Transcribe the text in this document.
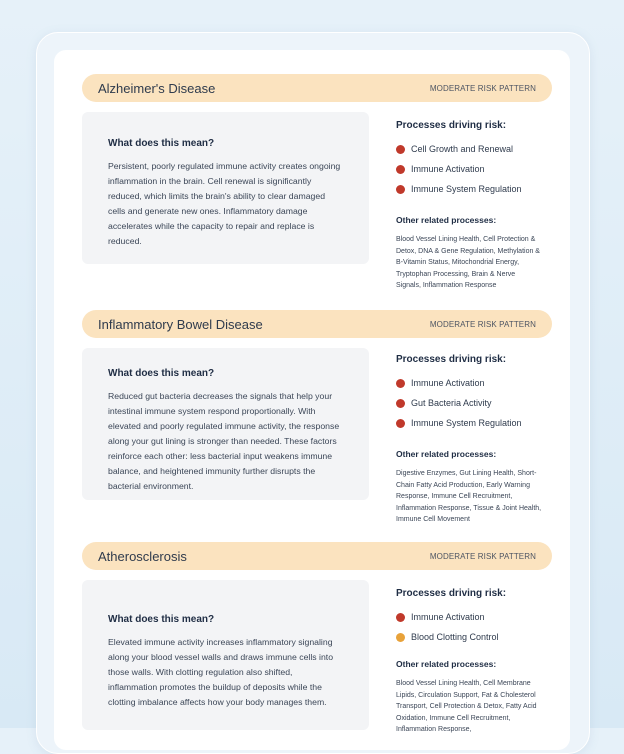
Alzheimer's Disease	MODERATE RISK PATTERN

What does this mean?

Persistent, poorly regulated immune activity creates ongoing inflammation in the brain. Cell renewal is significantly reduced, which limits the brain's ability to clear damaged cells and generate new ones. Inflammatory damage accelerates while the capacity to repair and replace is reduced.

Processes driving risk:

Cell Growth and Renewal
Immune Activation
Immune System Regulation

Other related processes:

Blood Vessel Lining Health, Cell Protection & Detox, DNA & Gene Regulation, Methylation & B-Vitamin Status, Mitochondrial Energy, Tryptophan Processing, Brain & Nerve Signals, Inflammation Response

Inflammatory Bowel Disease	MODERATE RISK PATTERN

What does this mean?

Reduced gut bacteria decreases the signals that help your intestinal immune system respond proportionally. With elevated and poorly regulated immune activity, the response along your gut lining is stronger than needed. These factors reinforce each other: less bacterial input weakens immune balance, and heightened immunity further disrupts the bacterial environment.

Processes driving risk:

Immune Activation
Gut Bacteria Activity
Immune System Regulation

Other related processes:

Digestive Enzymes, Gut Lining Health, Short-Chain Fatty Acid Production, Early Warning Response, Immune Cell Recruitment, Inflammation Response, Tissue & Joint Health, Immune Cell Movement

Atherosclerosis	MODERATE RISK PATTERN

What does this mean?

Elevated immune activity increases inflammatory signaling along your blood vessel walls and draws immune cells into those walls. With clotting regulation also shifted, inflammation promotes the buildup of deposits while the clotting imbalance affects how your body manages them.

Processes driving risk:

Immune Activation
Blood Clotting Control

Other related processes:

Blood Vessel Lining Health, Cell Membrane Lipids, Circulation Support, Fat & Cholesterol Transport, Cell Protection & Detox, Fatty Acid Oxidation, Immune Cell Recruitment, Inflammation Response,
